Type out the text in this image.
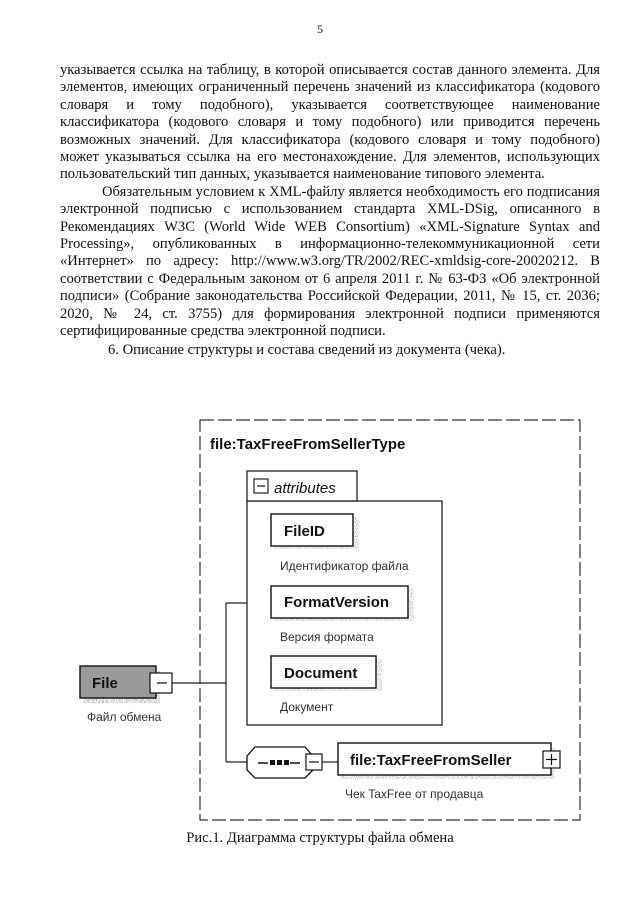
5

указывается ссылка на таблицу, в которой описывается состав данного элемента. Для элементов, имеющих ограниченный перечень значений из классификатора (кодового словаря и тому подобного), указывается соответствующее наименование классификатора (кодового словаря и тому подобного) или приводится перечень возможных значений. Для классификатора (кодового словаря и тому подобного) может указываться ссылка на его местонахождение. Для элементов, использующих пользовательский тип данных, указывается наименование типового элемента.

Обязательным условием к XML-файлу является необходимость его подписания электронной подписью с использованием стандарта XML-DSig, описанного в Рекомендациях W3C (World Wide WEB Consortium) «XML-Signature Syntax and Processing», опубликованных в информационно-телекоммуникационной сети «Интернет» по адресу: http://www.w3.org/TR/2002/REC-xmldsig-core-20020212. В соответствии с Федеральным законом от 6 апреля 2011 г. № 63-ФЗ «Об электронной подписи» (Собрание законодательства Российской Федерации, 2011, № 15, ст. 2036; 2020, № 24, ст. 3755) для формирования электронной подписи применяются сертифицированные средства электронной подписи.

6. Описание структуры и состава сведений из документа (чека).

file:TaxFreeFromSellerType
attributes
FileID
Идентификатор файла
FormatVersion
Версия формата
Document
Документ
File
Файл обмена
file:TaxFreeFromSeller
Чек TaxFree от продавца
Рис.1. Диаграмма структуры файла обмена
